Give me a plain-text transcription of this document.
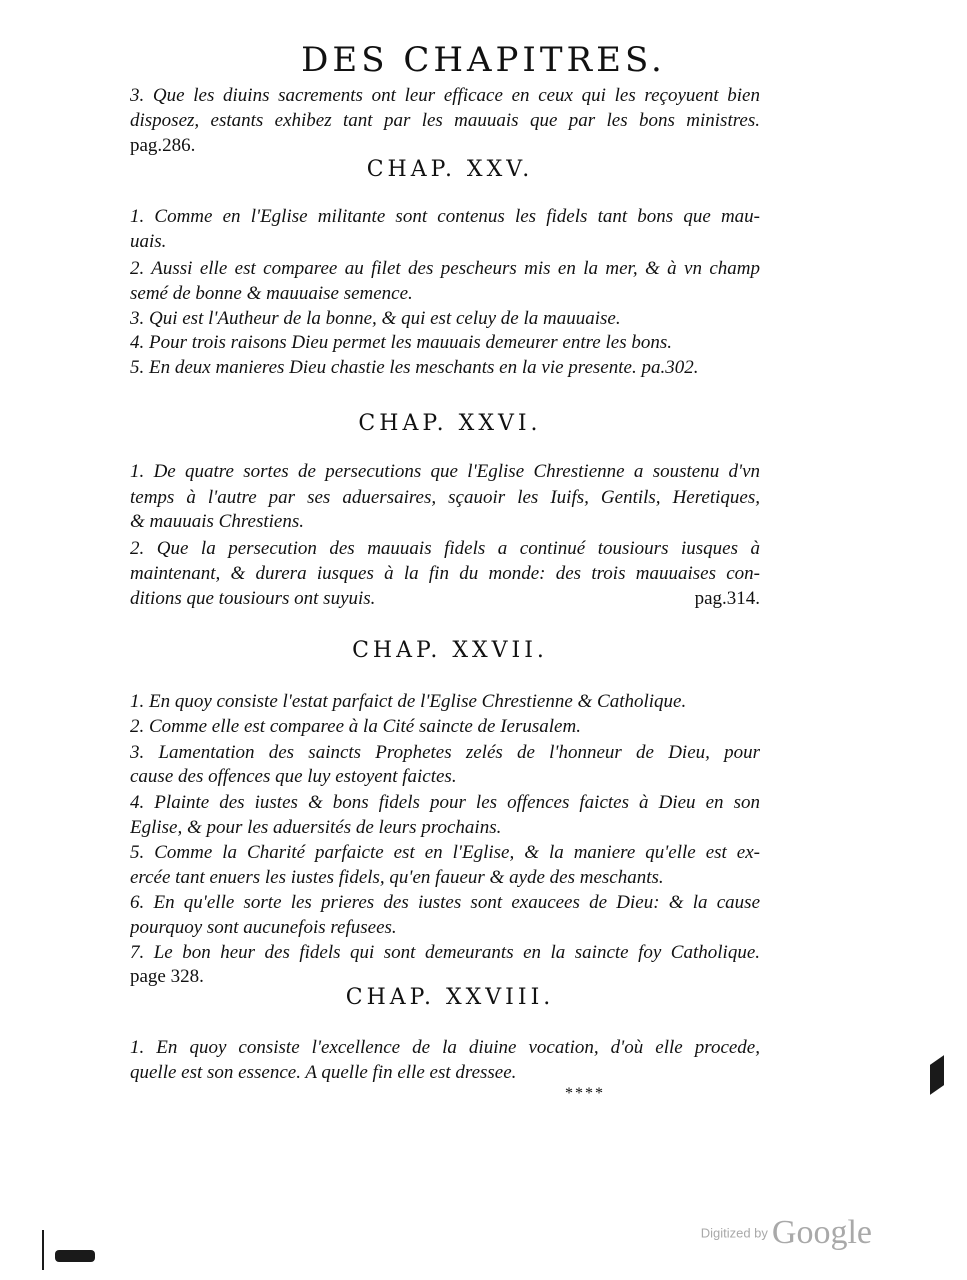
DES CHAPITRES.
3. Que les diuins sacrements ont leur efficace en ceux qui les reçoyuent bien
disposez, estants exhibez tant par les mauuais que par les bons ministres.
pag.286.
CHAP. XXV.
1. Comme en l'Eglise militante sont contenus les fidels tant bons que mau-
uais.
2. Aussi elle est comparee au filet des pescheurs mis en la mer, & à vn champ
semé de bonne & mauuaise semence.
3. Qui est l'Autheur de la bonne, & qui est celuy de la mauuaise.
4. Pour trois raisons Dieu permet les mauuais demeurer entre les bons.
5. En deux manieres Dieu chastie les meschants en la vie presente. pa.302.
CHAP. XXVI.
1. De quatre sortes de persecutions que l'Eglise Chrestienne a soustenu d'vn
temps à l'autre par ses aduersaires, sçauoir les Iuifs, Gentils, Heretiques,
& mauuais Chrestiens.
2. Que la persecution des mauuais fidels a continué tousiours iusques à
maintenant, & durera iusques à la fin du monde: des trois mauuaises con-
ditions que tousiours ont suyuis.	pag.314.
CHAP. XXVII.
1. En quoy consiste l'estat parfaict de l'Eglise Chrestienne & Catholique.
2. Comme elle est comparee à la Cité saincte de Ierusalem.
3. Lamentation des saincts Prophetes zelés de l'honneur de Dieu, pour
cause des offences que luy estoyent faictes.
4. Plainte des iustes & bons fidels pour les offences faictes à Dieu en son
Eglise, & pour les aduersités de leurs prochains.
5. Comme la Charité parfaicte est en l'Eglise, & la maniere qu'elle est ex-
ercée tant enuers les iustes fidels, qu'en faueur & ayde des meschants.
6. En qu'elle sorte les prieres des iustes sont exaucees de Dieu: & la cause
pourquoy sont aucunefois refusees.
7. Le bon heur des fidels qui sont demeurants en la saincte foy Catholique.
page 328.
CHAP. XXVIII.
1. En quoy consiste l'excellence de la diuine vocation, d'où elle procede,
quelle est son essence. A quelle fin elle est dressee.
****
Digitized by Google
